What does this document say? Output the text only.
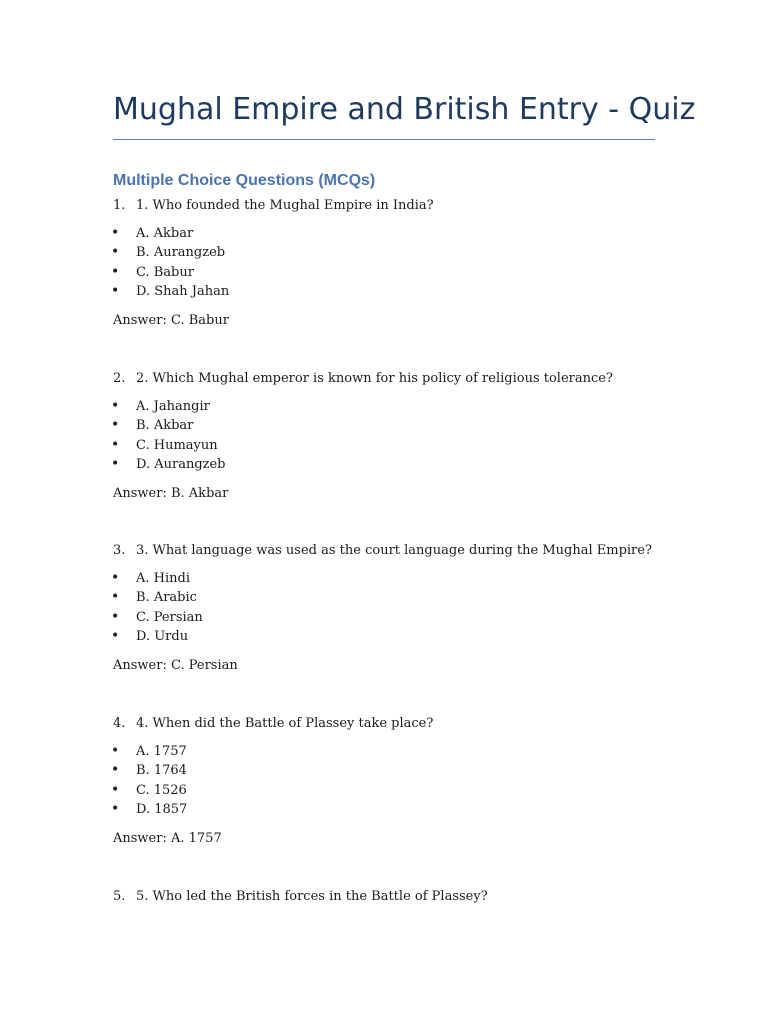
Mughal Empire and British Entry - Quiz
Multiple Choice Questions (MCQs)
1. 1. Who founded the Mughal Empire in India?
• A. Akbar
• B. Aurangzeb
• C. Babur
• D. Shah Jahan
Answer: C. Babur
2. 2. Which Mughal emperor is known for his policy of religious tolerance?
• A. Jahangir
• B. Akbar
• C. Humayun
• D. Aurangzeb
Answer: B. Akbar
3. 3. What language was used as the court language during the Mughal Empire?
• A. Hindi
• B. Arabic
• C. Persian
• D. Urdu
Answer: C. Persian
4. 4. When did the Battle of Plassey take place?
• A. 1757
• B. 1764
• C. 1526
• D. 1857
Answer: A. 1757
5. 5. Who led the British forces in the Battle of Plassey?
